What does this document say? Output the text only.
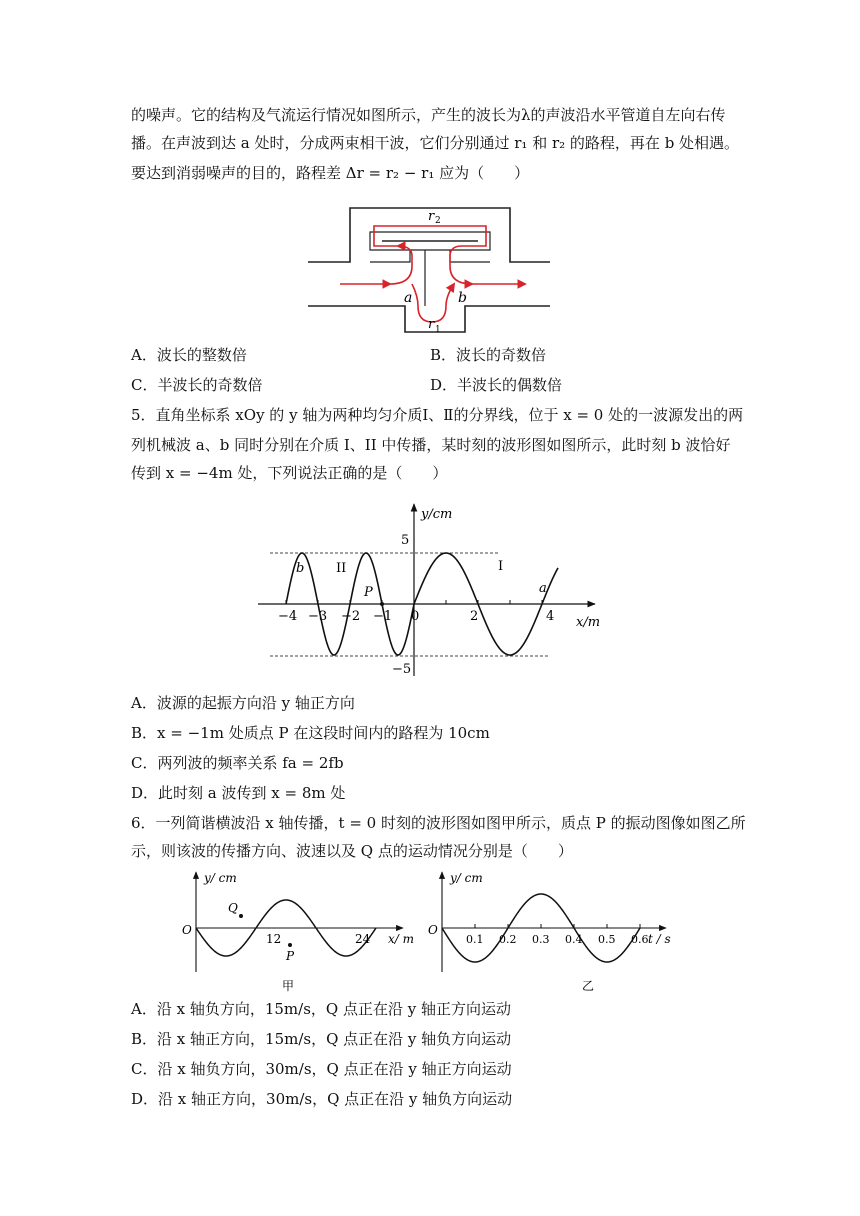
的噪声。它的结构及气流运行情况如图所示，产生的波长为λ的声波沿水平管道自左向右传
播。在声波到达 a 处时，分成两束相干波，它们分别通过 r₁ 和 r₂ 的路程，再在 b 处相遇。
要达到消弱噪声的目的，路程差 Δr = r₂ − r₁ 应为（　　）
a	b
r 2
r 1
A．波长的整数倍	B．波长的奇数倍
C．半波长的奇数倍	D．半波长的偶数倍
5．直角坐标系 xOy 的 y 轴为两种均匀介质Ⅰ、Ⅱ的分界线，位于 x = 0 处的一波源发出的两
列机械波 a、b 同时分别在介质 I、II 中传播，某时刻的波形图如图所示，此时刻 b 波恰好
传到 x = −4m 处，下列说法正确的是（　　）
y/cm
x/m
5
−5
−4 −3 −2 −1 0	2	4
b II	I
a
P
A．波源的起振方向沿 y 轴正方向
B．x = −1m 处质点 P 在这段时间内的路程为 10cm
C．两列波的频率关系 fa = 2fb
D．此时刻 a 波传到 x = 8m 处
6．一列简谐横波沿 x 轴传播，t = 0 时刻的波形图如图甲所示，质点 P 的振动图像如图乙所
示，则该波的传播方向、波速以及 Q 点的运动情况分别是（　　）
y/ cm
x/ m
O
12	24
Q
P
甲
y/ cm
t / s
O
0.1 0.2 0.3 0.4 0.5 0.6
乙
A．沿 x 轴负方向，15m/s，Q 点正在沿 y 轴正方向运动
B．沿 x 轴正方向，15m/s，Q 点正在沿 y 轴负方向运动
C．沿 x 轴负方向，30m/s，Q 点正在沿 y 轴正方向运动
D．沿 x 轴正方向，30m/s，Q 点正在沿 y 轴负方向运动
